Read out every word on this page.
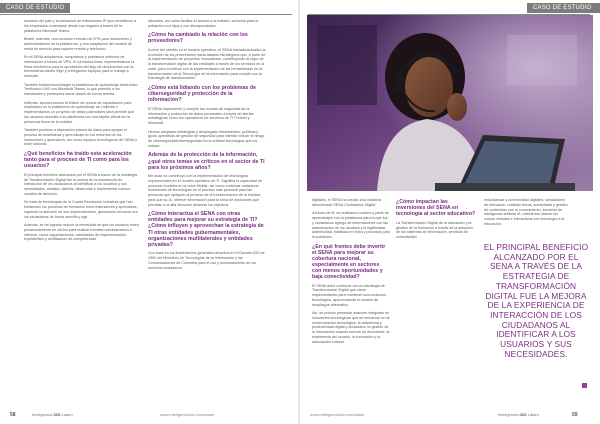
CASO DE ESTUDIO

usuarios del país y la activación de extensiones IP que permitieron a los empleados conectarse desde sus hogares a través de la plataforma Microsoft Teams.

Bestel, además, una conexión remota vía VPN para instructores y administradores de la plataforma, y una adaptación del modelo de mesa de servicio para soporte remoto y telefónico.

En el SENA adoptamos, compramos y probamos métodos de información a través de VPN. En la misma línea, implementamos la firma electrónica para la aprobación del flujo de documentos con la herramienta Adobe Sign y entregamos equipos para el trabajo a domicilio.

También fortalecimos/integré la plataforma de aprendizaje electrónico Territorium LMS con Microsoft Teams, lo que permitió a los estudiantes y profesores tomar clases de forma remota.

Además, aprovechamos la Misión de cursos de capacitación para empleados en la plataforma de aprendizaje de LinkedIn e implementamos un proyecto de datos potenciales para permitir que los usuarios accedan a la plataforma con una tarjeta virtual sin la presencia física de la entidad.

También pusimos a disposición planes de datos para apoyar el proceso de enseñanza y aprendizaje en los entornos de los instructores y aprendices, así como equipos tecnológicos del SENA y nivel nacional.

¿Qué beneficios ha traído esta aceleración tanto para el proceso de TI como para los usuarios?

El principal beneficio alcanzado por el SENA a través de la estrategia de Transformación Digital fue la mejora de la experiencia de interacción de los ciudadanos al identificar a los usuarios y sus necesidades, analizar, diseñar, desarrollar e implementar nuevos canales de atención.

Se trata de tecnologías de la Cuarta Revolución Industrial que han fortalecido los procesos de formación entre instructores y aprendices, logrando la atención de sus emprendedores, generando cercanía con los ciudadanos de forma sencilla y ágil.

Además, se ha logrado reducir la necesidad de que los usuarios estén presencialmente en oficina para realizar trámites administrativos e internos, como capacitaciones, actividades de implementación, expedientes y certificación de competencias

laborales, así como facilitar el acceso a la entidad, servicios para la población con hijos y con discapacidades.

¿Cómo ha cambiado la relación con los proveedores?

A nivel del cambio en el modelo operativo, el SENA trasladó/actualizó la evolución de los proveedores hacia aliados estratégicos que, a partir de la implementación de proyectos innovadores, contribuyeran al logro de la transformación digital de las entidades a través de los servicios en la nube, para contribuir con la implementación de las herramientas en la transformación de la Tecnología de la Información para cumplir con la Estrategia de transformación.

¿Cómo está lidiando con los problemas de ciberseguridad y protección de la información?

El SENA implementó y cumplió las normas de seguridad de la información y protección de datos personales a través de alertas estratégicas como los operadores de servicios de TI Fortinet y Microsoft.

Hemos adoptado estrategias y desplegado lineamientos, políticas y guías operativas de gestión de seguridad para intentar reducir el riesgo de ciberseguridad/ciberseguridad en la entidad tecnológica que los rodean.

Además de la protección de la información, ¿qué otros temas ve críticos en el sector de TI para los próximos años?

Me duda no contribuyo con la implementación de tecnologías exponenciales en el modelo operativo de TI. Significa la capacidad de procesar modelos en la nube Mobile, así como continuar realizando inversiones de tecnologías en el proceso más personal para las personas que apliquen al proceso de la transformación de la entidad, para que su IA, obtener información para la toma de decisiones que permitan a la alta dirección alcanzar los objetivos.

¿Cómo interactúa el SENA con otras entidades para mejorar su estrategia de TI? ¿Cómo influyen y aprovechan la estrategia de TI otras entidades gubernamentales, organizaciones multilaterales y entidades privadas?

Con base en los lineamientos generales descritos en el Decreto 620 de 1990 del Ministerio de Tecnologías de la Información y las Comunicaciones de Colombia para el uso y funcionamiento de los servicios ciudadanos

58	Inteligencia CIO Latam	www.inteligenciacio.com/latam
CASO DE ESTUDIO

digitales, el SENA ha creado una iniciativa denominada SENA Ciudadanos Digital.

A través de él, se realizaron muchos y parte de aprendizajes con la plataforma para la que los y ciudadanos agregó de informaciones con las autenticación de los usuarios y la legitimidad, autenticidad, fiabilidad en línea y procesos para la población.

¿En qué frentes debe invertir el SENA para mejorar su cobertura nacional, especialmente en sectores con menos oportunidades y baja conectividad?

El SENA debe continuar con la estrategia de Transformación Digital que viene implementando para mantener una evolución tecnológica, aprovechando el modelo de despliegue alternativo.

Así, se podrán presentar avances integrales en soluciones tecnológicas que se enmarcan en la modernización tecnológica, la plataforma y productividad digital y ciudadana, la gestión de la información usando nuevas de decisiones, la experiencia del usuario, la innovación y la adecuación cultural.

¿Cómo impactan las inversiones del SENA en tecnología al sector educativo?

La Transformación Digital de la educación y la gestión de la formación a través de la adopción de los sistemas de información, servicios de conectividad

redundancia y conectividad digitales, simuladores de formación, realidad virtual, aumentada y gestión de contenidos con el conocimiento, servicios de inteligencia artificial IA, ofreciendo ofrecer los cursos virtuales e interactivos con tecnología a la educación.

EL PRINCIPAL BENEFICIO ALCANZADO POR EL SENA A TRAVÉS DE LA ESTRATEGIA DE TRANSFORMACIÓN DIGITAL FUE LA MEJORA DE LA EXPERIENCIA DE INTERACCIÓN DE LOS CIUDADANOS AL IDENTIFICAR A LOS USUARIOS Y SUS NECESIDADES.
www.inteligenciacio.com/latam	Inteligencia CIO Latam	59
